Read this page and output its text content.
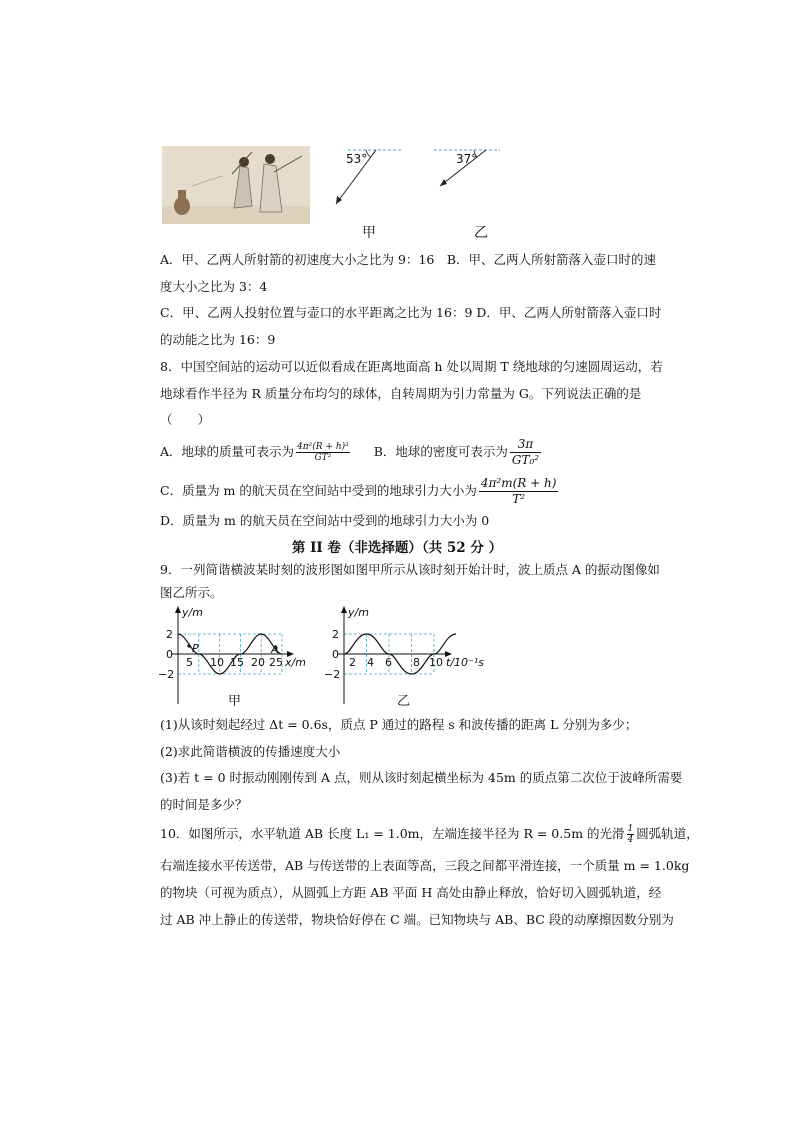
53°	37°
甲	乙
A．甲、乙两人所射箭的初速度大小之比为 9：16　B．甲、乙两人所射箭落入壶口时的速
度大小之比为 3：4
C．甲、乙两人投射位置与壶口的水平距离之比为 16：9 D．甲、乙两人所射箭落入壶口时
的动能之比为 16：9
8．中国空间站的运动可以近似看成在距离地面高 h 处以周期 T 绕地球的匀速圆周运动，若
地球看作半径为 R 质量分布均匀的球体，自转周期为引力常量为 G。下列说法正确的是
（　　）
A．地球的质量可表示为 $\frac{\text{4π²(R + h)³}}{\text{GT²}}$ B．地球的密度可表示为 $\frac{3\pi}{\text{GT₀²}}$
C．质量为 m 的航天员在空间站中受到的地球引力大小为 $\frac{\text{4π²m(R + h)}}{\text{T²}}$
D．质量为 m 的航天员在空间站中受到的地球引力大小为 0
第 II 卷（非选择题）（共 52 分 ）
9．一列简谐横波某时刻的波形图如图甲所示从该时刻开始计时，波上质点 A 的振动图像如
图乙所示。
y/m
2
0
−2
5 10 15 20 25 x/m
P	A
甲
y/m
2
0
−2
2 4 6 8 10 t/10⁻¹s
乙
(1)从该时刻起经过 Δt = 0.6s，质点 P 通过的路程 s 和波传播的距离 L 分别为多少；
(2)求此简谐横波的传播速度大小
(3)若 t = 0 时振动刚刚传到 A 点，则从该时刻起横坐标为 45m 的质点第二次位于波峰所需要
的时间是多少？
10．如图所示，水平轨道 AB 长度 L₁ = 1.0m，左端连接半径为 R = 0.5m 的光滑 $\frac{1}{4}$ 圆弧轨道，
右端连接水平传送带，AB 与传送带的上表面等高，三段之间都平滑连接，一个质量 m = 1.0kg
的物块（可视为质点），从圆弧上方距 AB 平面 H 高处由静止释放，恰好切入圆弧轨道，经
过 AB 冲上静止的传送带，物块恰好停在 C 端。已知物块与 AB、BC 段的动摩擦因数分别为
